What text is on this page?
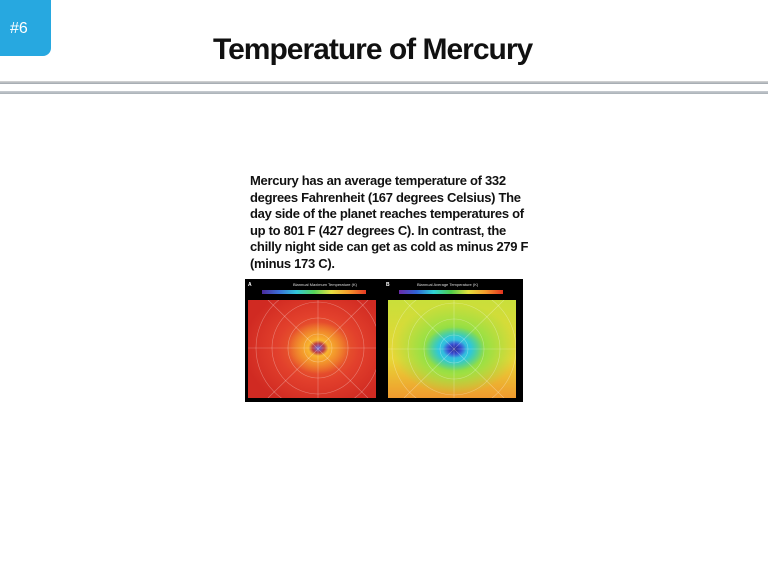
#6
Temperature of Mercury
Mercury has an average temperature of 332 degrees Fahrenheit (167 degrees Celsius) The day side of the planet reaches temperatures of up to 801 F (427 degrees C). In contrast, the chilly night side can get as cold as minus 279 F (minus 173 C).
A	Biannual Maximum Temperature (K)	B	Biannual Average Temperature (K)
